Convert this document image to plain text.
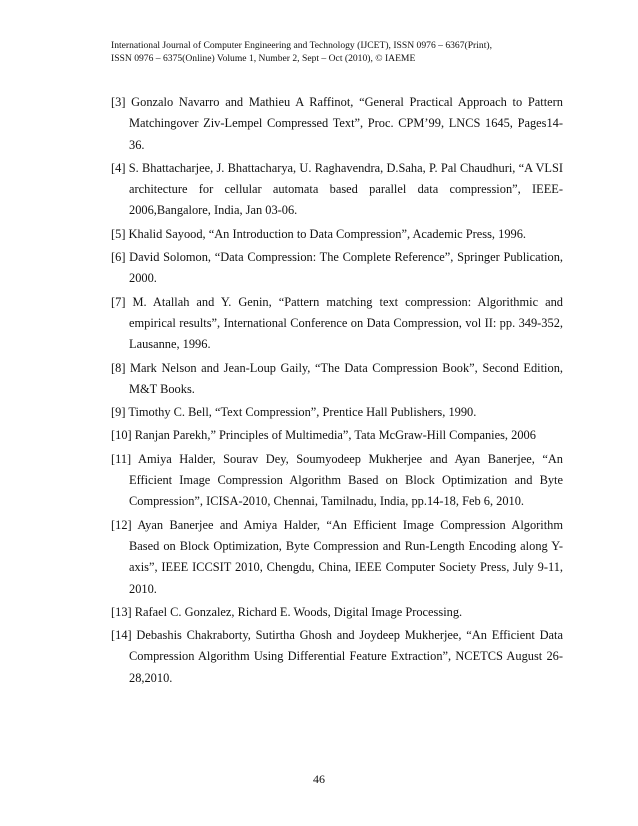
International Journal of Computer Engineering and Technology (IJCET), ISSN 0976 – 6367(Print),
ISSN 0976 – 6375(Online) Volume 1, Number 2, Sept – Oct (2010), © IAEME

[3] Gonzalo Navarro and Mathieu A Raffinot, “General Practical Approach to Pattern Matchingover Ziv-Lempel Compressed Text”, Proc. CPM’99, LNCS 1645, Pages14-36.

[4] S. Bhattacharjee, J. Bhattacharya, U. Raghavendra, D.Saha, P. Pal Chaudhuri, “A VLSI architecture for cellular automata based parallel data compression”, IEEE-2006,Bangalore, India, Jan 03-06.

[5] Khalid Sayood, “An Introduction to Data Compression”, Academic Press, 1996.

[6] David Solomon, “Data Compression: The Complete Reference”, Springer Publication, 2000.

[7] M. Atallah and Y. Genin, “Pattern matching text compression: Algorithmic and empirical results”, International Conference on Data Compression, vol II: pp. 349-352, Lausanne, 1996.

[8] Mark Nelson and Jean-Loup Gaily, “The Data Compression Book”, Second Edition, M&T Books.

[9] Timothy C. Bell, “Text Compression”, Prentice Hall Publishers, 1990.

[10] Ranjan Parekh,” Principles of Multimedia”, Tata McGraw-Hill Companies, 2006

[11] Amiya Halder, Sourav Dey, Soumyodeep Mukherjee and Ayan Banerjee, “An Efficient Image Compression Algorithm Based on Block Optimization and Byte Compression”, ICISA-2010, Chennai, Tamilnadu, India, pp.14-18, Feb 6, 2010.

[12] Ayan Banerjee and Amiya Halder, “An Efficient Image Compression Algorithm Based on Block Optimization, Byte Compression and Run-Length Encoding along Y-axis”, IEEE ICCSIT 2010, Chengdu, China, IEEE Computer Society Press, July 9-11, 2010.

[13] Rafael C. Gonzalez, Richard E. Woods, Digital Image Processing.

[14] Debashis Chakraborty, Sutirtha Ghosh and Joydeep Mukherjee, “An Efficient Data Compression Algorithm Using Differential Feature Extraction”, NCETCS August 26-28,2010.

46
